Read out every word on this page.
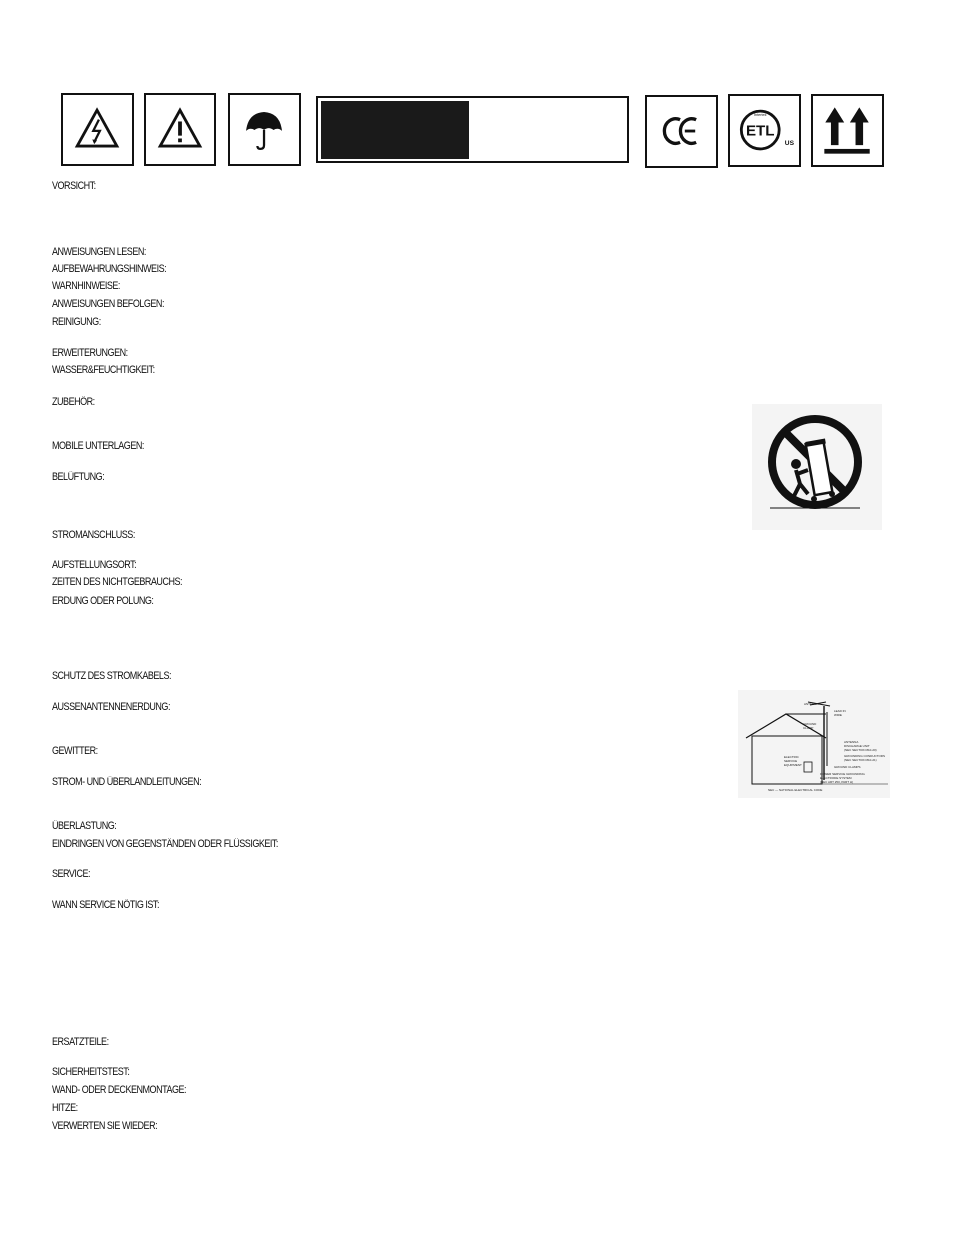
ETL
Intertek
US
VORSICHT:
ANWEISUNGEN LESEN:
AUFBEWAHRUNGSHINWEIS:
WARNHINWEISE:
ANWEISUNGEN BEFOLGEN:
REINIGUNG:
ERWEITERUNGEN:
WASSER&FEUCHTIGKEIT:
ZUBEHÖR:
MOBILE UNTERLAGEN:
BELÜFTUNG:
STROMANSCHLUSS:
AUFSTELLUNGSORT:
ZEITEN DES NICHTGEBRAUCHS:
ERDUNG ODER POLUNG:
SCHUTZ DES STROMKABELS:
AUSSENANTENNENERDUNG:
GEWITTER:
STROM- UND ÜBERLANDLEITUNGEN:
ÜBERLASTUNG:
EINDRINGEN VON GEGENSTÄNDEN ODER FLÜSSIGKEIT:
SERVICE:
WANN SERVICE NÖTIG IST:
ERSATZTEILE:
SICHERHEITSTEST:
WAND- ODER DECKENMONTAGE:
HITZE:
VERWERTEN SIE WIEDER:
ANTENNA
LEAD IN
WIRE
GROUND
CLAMP
ANTENNA
DISCHARGE UNIT
(NEC SECTION 810-20)
ELECTRIC
SERVICE
EQUIPMENT
GROUNDING CONDUCTORS
(NEC SECTION 810-21)
GROUND CLAMPS
POWER SERVICE GROUNDING
ELECTRODE SYSTEM
(NEC ART 250, PART H)
NEC — NATIONAL ELECTRICAL CODE
